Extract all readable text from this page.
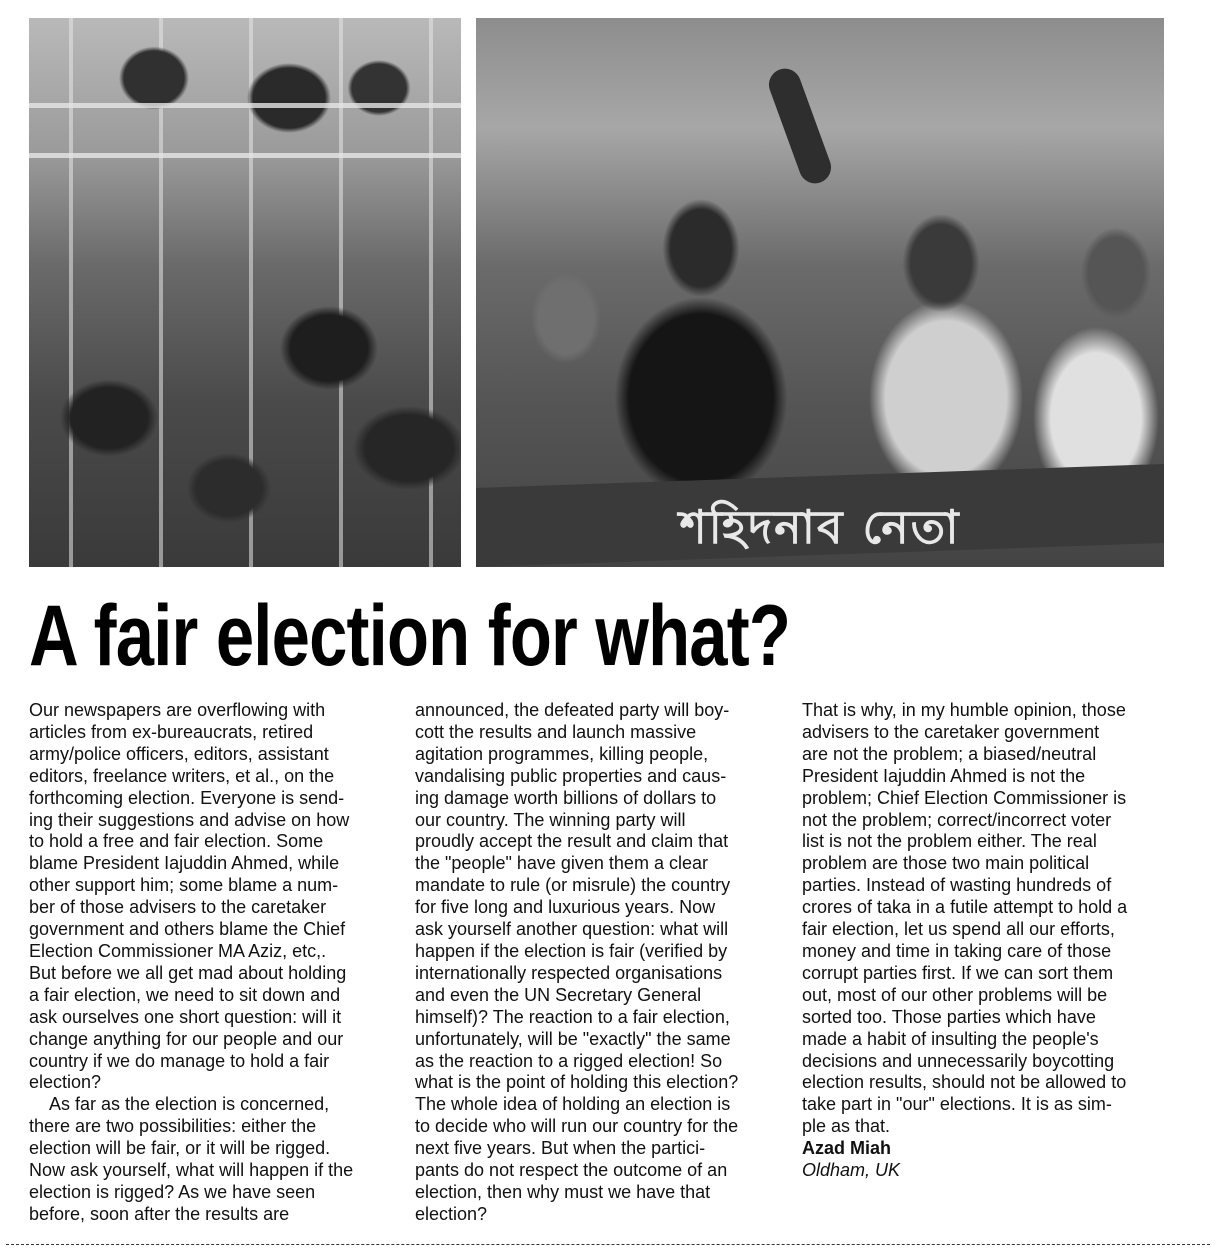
শহিদনাব নেতা
A fair election for what?

Our newspapers are overflowing with
articles from ex-bureaucrats, retired
army/police officers, editors, assistant
editors, freelance writers, et al., on the
forthcoming election. Everyone is send-
ing their suggestions and advise on how
to hold a free and fair election. Some
blame President Iajuddin Ahmed, while
other support him; some blame a num-
ber of those advisers to the caretaker
government and others blame the Chief
Election Commissioner MA Aziz, etc,.
But before we all get mad about holding
a fair election, we need to sit down and
ask ourselves one short question: will it
change anything for our people and our
country if we do manage to hold a fair
election?

As far as the election is concerned,
there are two possibilities: either the
election will be fair, or it will be rigged.
Now ask yourself, what will happen if the
election is rigged? As we have seen
before, soon after the results are

announced, the defeated party will boy-
cott the results and launch massive
agitation programmes, killing people,
vandalising public properties and caus-
ing damage worth billions of dollars to
our country. The winning party will
proudly accept the result and claim that
the "people" have given them a clear
mandate to rule (or misrule) the country
for five long and luxurious years. Now
ask yourself another question: what will
happen if the election is fair (verified by
internationally respected organisations
and even the UN Secretary General
himself)? The reaction to a fair election,
unfortunately, will be "exactly" the same
as the reaction to a rigged election! So
what is the point of holding this election?
The whole idea of holding an election is
to decide who will run our country for the
next five years. But when the partici-
pants do not respect the outcome of an
election, then why must we have that
election?

That is why, in my humble opinion, those
advisers to the caretaker government
are not the problem; a biased/neutral
President Iajuddin Ahmed is not the
problem; Chief Election Commissioner is
not the problem; correct/incorrect voter
list is not the problem either. The real
problem are those two main political
parties. Instead of wasting hundreds of
crores of taka in a futile attempt to hold a
fair election, let us spend all our efforts,
money and time in taking care of those
corrupt parties first. If we can sort them
out, most of our other problems will be
sorted too. Those parties which have
made a habit of insulting the people's
decisions and unnecessarily boycotting
election results, should not be allowed to
take part in "our" elections. It is as sim-
ple as that.

Azad Miah

Oldham, UK
